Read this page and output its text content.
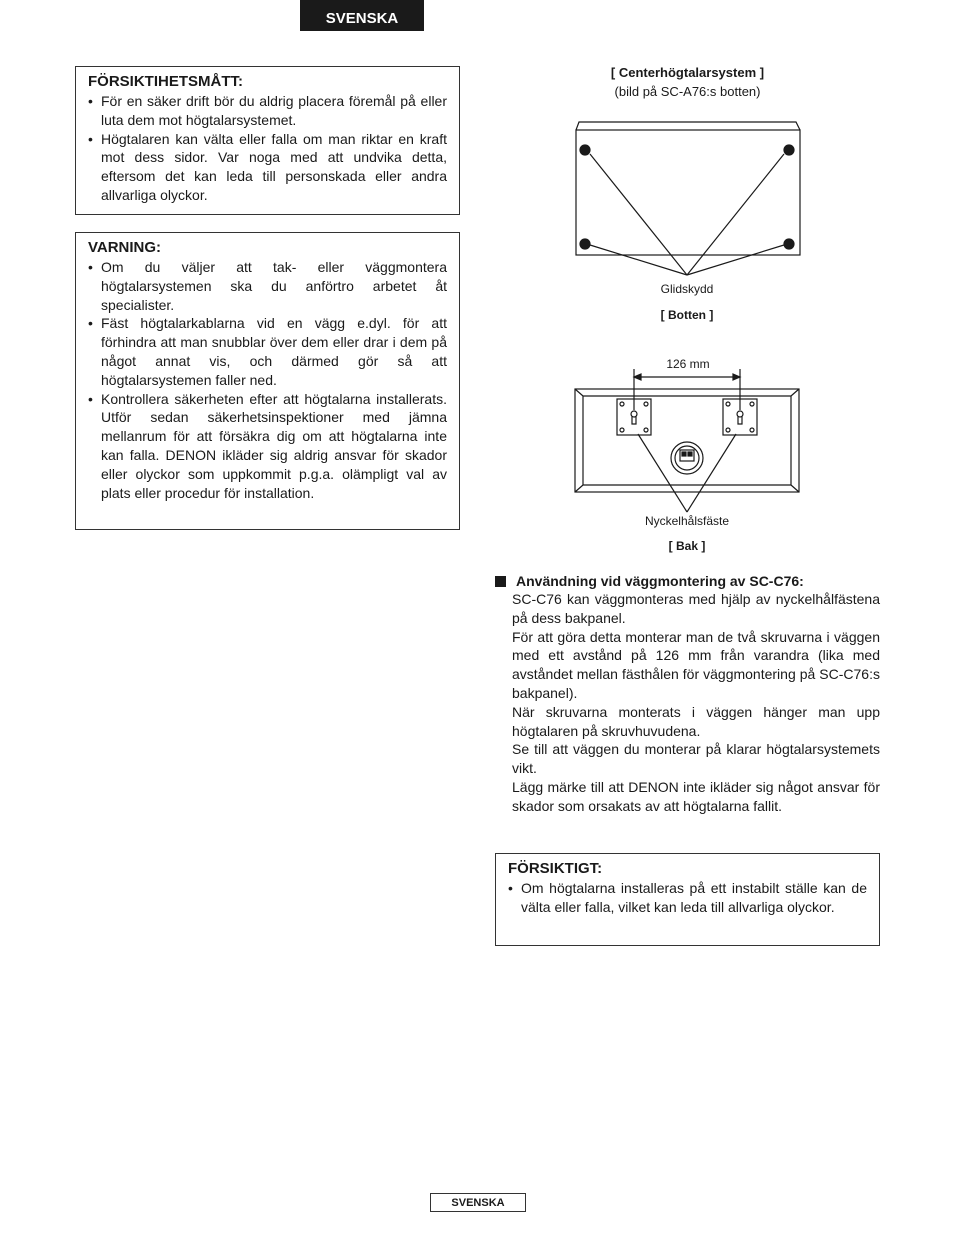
SVENSKA
FÖRSIKTIHETSMÅTT:
• För en säker drift bör du aldrig placera föremål på eller luta dem mot högtalarsystemet.
• Högtalaren kan välta eller falla om man riktar en kraft mot dess sidor. Var noga med att undvika detta, eftersom det kan leda till personskada eller andra allvarliga olyckor.
VARNING:
• Om du väljer att tak- eller väggmontera högtalarsystemen ska du anförtro arbetet åt specialister.
• Fäst högtalarkablarna vid en vägg e.dyl. för att förhindra att man snubblar över dem eller drar i dem på något annat vis, och därmed gör så att högtalarsystemen faller ned.
• Kontrollera säkerheten efter att högtalarna installerats. Utför sedan säkerhetsinspektioner med jämna mellanrum för att försäkra dig om att högtalarna inte kan falla. DENON ikläder sig aldrig ansvar för skador eller olyckor som uppkommit p.g.a. olämpligt val av plats eller procedur för installation.
[ Centerhögtalarsystem ]
(bild på SC-A76:s botten)
Glidskydd
[ Botten ]
126 mm
Nyckelhålsfäste
[ Bak ]
Användning vid väggmontering av SC-C76:

SC-C76 kan väggmonteras med hjälp av nyckelhålfästena på dess bakpanel.

För att göra detta monterar man de två skruvarna i väggen med ett avstånd på 126 mm från varandra (lika med avståndet mellan fästhålen för väggmontering på SC-C76:s bakpanel).

När skruvarna monterats i väggen hänger man upp högtalaren på skruvhuvudena.

Se till att väggen du monterar på klarar högtalarsystemets vikt.

Lägg märke till att DENON inte ikläder sig något ansvar för skador som orsakats av att högtalarna fallit.

FÖRSIKTIGT:
• Om högtalarna installeras på ett instabilt ställe kan de välta eller falla, vilket kan leda till allvarliga olyckor.
SVENSKA
